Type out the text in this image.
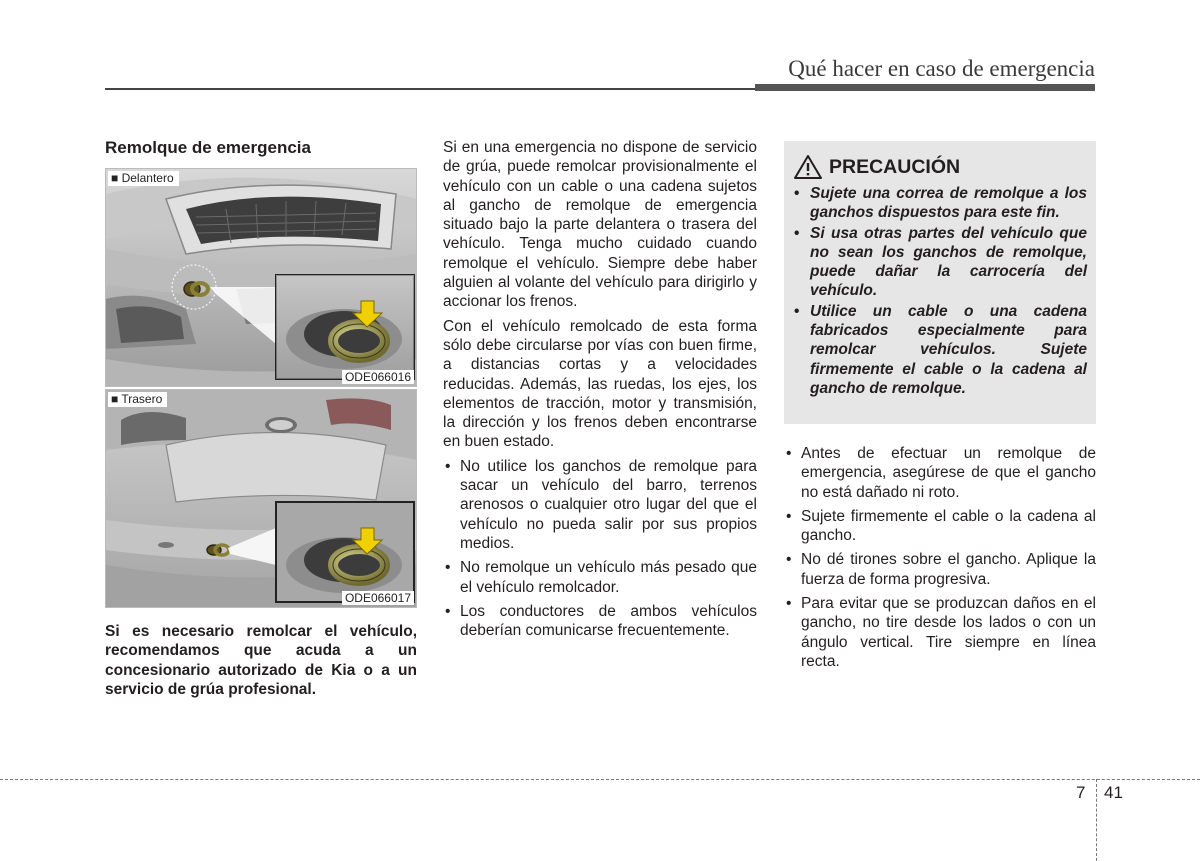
Qué hacer en caso de emergencia
Remolque de emergencia
■ Delantero
ODE066016
■ Trasero
ODE066017
Si es necesario remolcar el vehículo, recomendamos que acuda a un concesionario autorizado de Kia o a un servicio de grúa profesional.

Si en una emergencia no dispone de servicio de grúa, puede remolcar provisionalmente el vehículo con un cable o una cadena sujetos al gancho de remolque de emergencia situado bajo la parte delantera o trasera del vehículo. Tenga mucho cuidado cuando remolque el vehículo. Siempre debe haber alguien al volante del vehículo para dirigirlo y accionar los frenos.

Con el vehículo remolcado de esta forma sólo debe circularse por vías con buen firme, a distancias cortas y a velocidades reducidas. Además, las ruedas, los ejes, los elementos de tracción, motor y transmisión, la dirección y los frenos deben encontrarse en buen estado.

• No utilice los ganchos de remolque para sacar un vehículo del barro, terrenos arenosos o cualquier otro lugar del que el vehículo no pueda salir por sus propios medios.
• No remolque un vehículo más pesado que el vehículo remolcador.
• Los conductores de ambos vehículos deberían comunicarse frecuentemente.
PRECAUCIÓN
• Sujete una correa de remolque a los ganchos dispuestos para este fin.
• Si usa otras partes del vehículo que no sean los ganchos de remolque, puede dañar la carrocería del vehículo.
• Utilice un cable o una cadena fabricados especialmente para remolcar vehículos. Sujete firmemente el cable o la cadena al gancho de remolque.
• Antes de efectuar un remolque de emergencia, asegúrese de que el gancho no está dañado ni roto.
• Sujete firmemente el cable o la cadena al gancho.
• No dé tirones sobre el gancho. Aplique la fuerza de forma progresiva.
• Para evitar que se produzcan daños en el gancho, no tire desde los lados o con un ángulo vertical. Tire siempre en línea recta.
7 41
